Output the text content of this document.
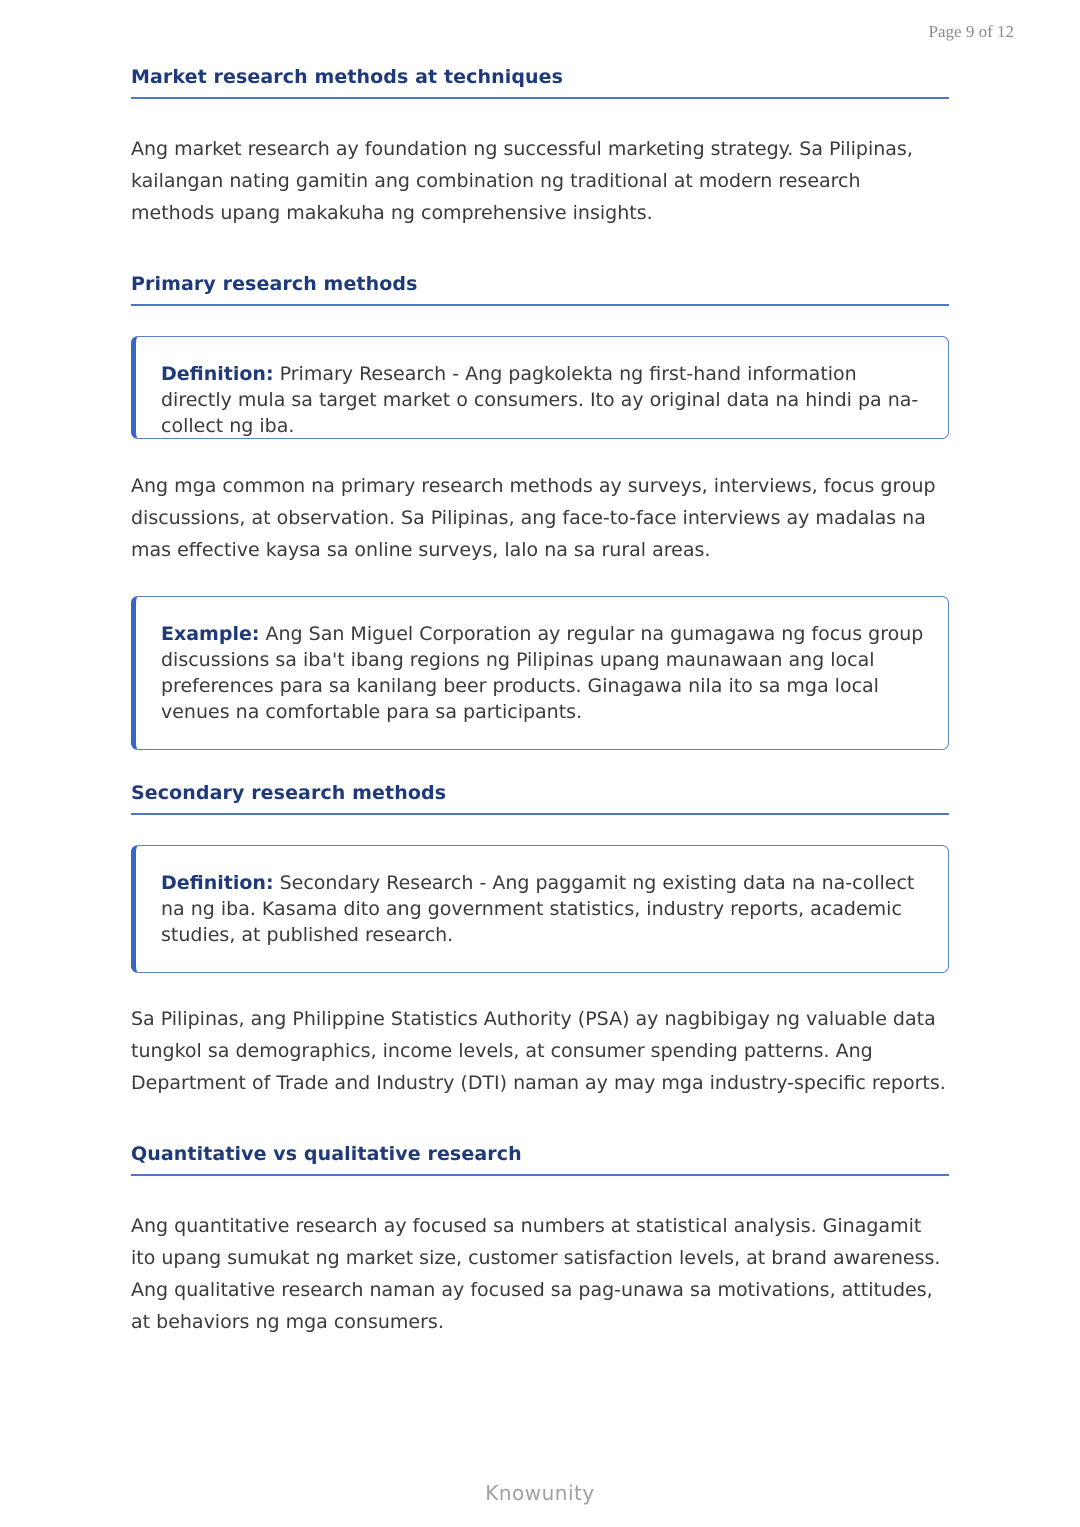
Page 9 of 12
Market research methods at techniques

Ang market research ay foundation ng successful marketing strategy. Sa Pilipinas, kailangan nating gamitin ang combination ng traditional at modern research methods upang makakuha ng comprehensive insights.

Primary research methods
Definition: Primary Research - Ang pagkolekta ng first-hand information directly mula sa target market o consumers. Ito ay original data na hindi pa na-collect ng iba.

Ang mga common na primary research methods ay surveys, interviews, focus group discussions, at observation. Sa Pilipinas, ang face-to-face interviews ay madalas na mas effective kaysa sa online surveys, lalo na sa rural areas.

Example: Ang San Miguel Corporation ay regular na gumagawa ng focus group discussions sa iba't ibang regions ng Pilipinas upang maunawaan ang local preferences para sa kanilang beer products. Ginagawa nila ito sa mga local venues na comfortable para sa participants.
Secondary research methods
Definition: Secondary Research - Ang paggamit ng existing data na na-collect na ng iba. Kasama dito ang government statistics, industry reports, academic studies, at published research.

Sa Pilipinas, ang Philippine Statistics Authority (PSA) ay nagbibigay ng valuable data tungkol sa demographics, income levels, at consumer spending patterns. Ang Department of Trade and Industry (DTI) naman ay may mga industry-specific reports.

Quantitative vs qualitative research

Ang quantitative research ay focused sa numbers at statistical analysis. Ginagamit ito upang sumukat ng market size, customer satisfaction levels, at brand awareness. Ang qualitative research naman ay focused sa pag-unawa sa motivations, attitudes, at behaviors ng mga consumers.

Knowunity
